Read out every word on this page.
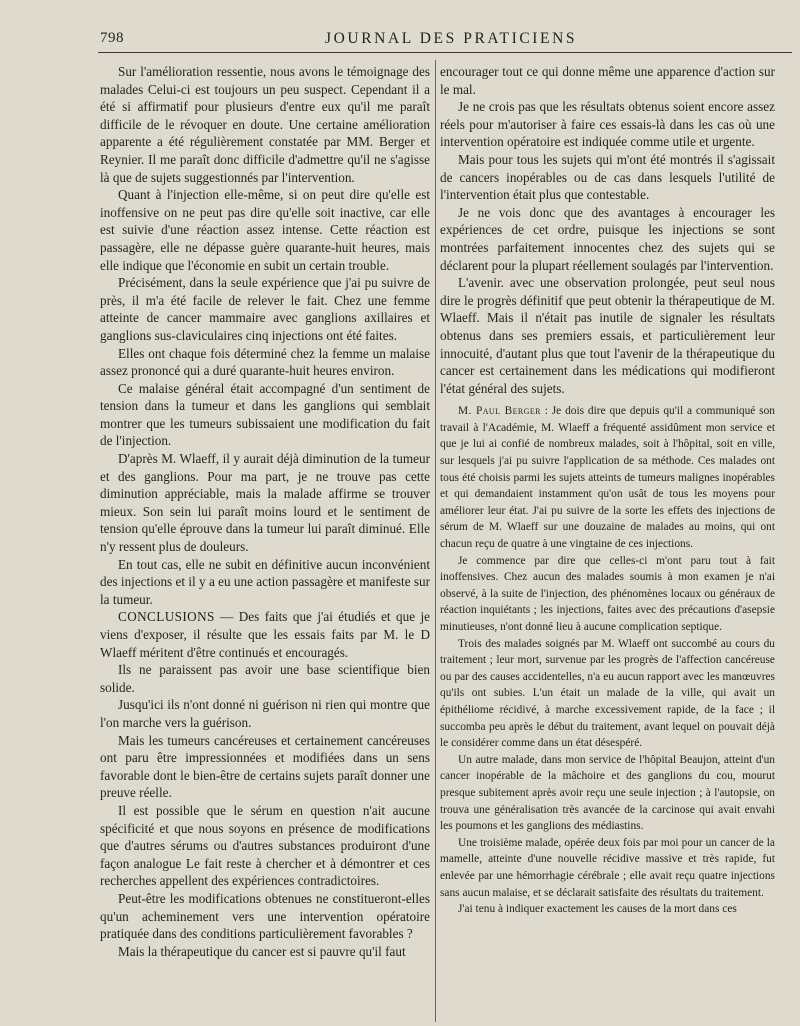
798	JOURNAL DES PRATICIENS

Sur l'amélioration ressentie, nous avons le témoignage des malades Celui-ci est toujours un peu suspect. Cependant il a été si affirmatif pour plusieurs d'entre eux qu'il me paraît difficile de le révoquer en doute. Une certaine amélioration apparente a été régulièrement constatée par MM. Berger et Reynier. Il me paraît donc difficile d'admettre qu'il ne s'agisse là que de sujets suggestionnés par l'intervention.

Quant à l'injection elle-même, si on peut dire qu'elle est inoffensive on ne peut pas dire qu'elle soit inactive, car elle est suivie d'une réaction assez intense. Cette réaction est passagère, elle ne dépasse guère quarante-huit heures, mais elle indique que l'économie en subit un certain trouble.

Précisément, dans la seule expérience que j'ai pu suivre de près, il m'a été facile de relever le fait. Chez une femme atteinte de cancer mammaire avec ganglions axillaires et ganglions sus-claviculaires cinq injections ont été faites.

Elles ont chaque fois déterminé chez la femme un malaise assez prononcé qui a duré quarante-huit heures environ.

Ce malaise général était accompagné d'un sentiment de tension dans la tumeur et dans les ganglions qui semblait montrer que les tumeurs subissaient une modification du fait de l'injection.

D'après M. Wlaeff, il y aurait déjà diminution de la tumeur et des ganglions. Pour ma part, je ne trouve pas cette diminution appréciable, mais la malade affirme se trouver mieux. Son sein lui paraît moins lourd et le sentiment de tension qu'elle éprouve dans la tumeur lui paraît diminué. Elle n'y ressent plus de douleurs.

En tout cas, elle ne subit en définitive aucun inconvénient des injections et il y a eu une action passagère et manifeste sur la tumeur.

CONCLUSIONS — Des faits que j'ai étudiés et que je viens d'exposer, il résulte que les essais faits par M. le D Wlaeff méritent d'être continués et encouragés.

Ils ne paraissent pas avoir une base scientifique bien solide.

Jusqu'ici ils n'ont donné ni guérison ni rien qui montre que l'on marche vers la guérison.

Mais les tumeurs cancéreuses et certainement cancéreuses ont paru être impressionnées et modifiées dans un sens favorable dont le bien-être de certains sujets paraît donner une preuve réelle.

Il est possible que le sérum en question n'ait aucune spécificité et que nous soyons en présence de modifications que d'autres sérums ou d'autres substances produiront d'une façon analogue Le fait reste à chercher et à démontrer et ces recherches appellent des expériences contradictoires.

Peut-être les modifications obtenues ne constitueront-elles qu'un acheminement vers une intervention opératoire pratiquée dans des conditions particulièrement favorables ?

Mais la thérapeutique du cancer est si pauvre qu'il faut

encourager tout ce qui donne même une apparence d'action sur le mal.

Je ne crois pas que les résultats obtenus soient encore assez réels pour m'autoriser à faire ces essais-là dans les cas où une intervention opératoire est indiquée comme utile et urgente.

Mais pour tous les sujets qui m'ont été montrés il s'agissait de cancers inopérables ou de cas dans lesquels l'utilité de l'intervention était plus que contestable.

Je ne vois donc que des avantages à encourager les expériences de cet ordre, puisque les injections se sont montrées parfaitement innocentes chez des sujets qui se déclarent pour la plupart réellement soulagés par l'intervention.

L'avenir. avec une observation prolongée, peut seul nous dire le progrès définitif que peut obtenir la thérapeutique de M. Wlaeff. Mais il n'était pas inutile de signaler les résultats obtenus dans ses premiers essais, et particulièrement leur innocuité, d'autant plus que tout l'avenir de la thérapeutique du cancer est certainement dans les médications qui modifieront l'état général des sujets.

M. Paul Berger : Je dois dire que depuis qu'il a communiqué son travail à l'Académie, M. Wlaeff a fréquenté assidûment mon service et que je lui ai confié de nombreux malades, soit à l'hôpital, soit en ville, sur lesquels j'ai pu suivre l'application de sa méthode. Ces malades ont tous été choisis parmi les sujets atteints de tumeurs malignes inopérables et qui demandaient instamment qu'on usât de tous les moyens pour améliorer leur état. J'ai pu suivre de la sorte les effets des injections de sérum de M. Wlaeff sur une douzaine de malades au moins, qui ont chacun reçu de quatre à une vingtaine de ces injections.

Je commence par dire que celles-ci m'ont paru tout à fait inoffensives. Chez aucun des malades soumis à mon examen je n'ai observé, à la suite de l'injection, des phénomènes locaux ou généraux de réaction inquiétants ; les injections, faites avec des précautions d'asepsie minutieuses, n'ont donné lieu à aucune complication septique.

Trois des malades soignés par M. Wlaeff ont succombé au cours du traitement ; leur mort, survenue par les progrès de l'affection cancéreuse ou par des causes accidentelles, n'a eu aucun rapport avec les manœuvres qu'ils ont subies. L'un était un malade de la ville, qui avait un épithéliome récidivé, à marche excessivement rapide, de la face ; il succomba peu après le début du traitement, avant lequel on pouvait déjà le considérer comme dans un état désespéré.

Un autre malade, dans mon service de l'hôpital Beaujon, atteint d'un cancer inopérable de la mâchoire et des ganglions du cou, mourut presque subitement après avoir reçu une seule injection ; à l'autopsie, on trouva une généralisation très avancée de la carcinose qui avait envahi les poumons et les ganglions des médiastins.

Une troisième malade, opérée deux fois par moi pour un cancer de la mamelle, atteinte d'une nouvelle récidive massive et très rapide, fut enlevée par une hémorrhagie cérébrale ; elle avait reçu quatre injections sans aucun malaise, et se déclarait satisfaite des résultats du traitement.

J'ai tenu à indiquer exactement les causes de la mort dans ces
